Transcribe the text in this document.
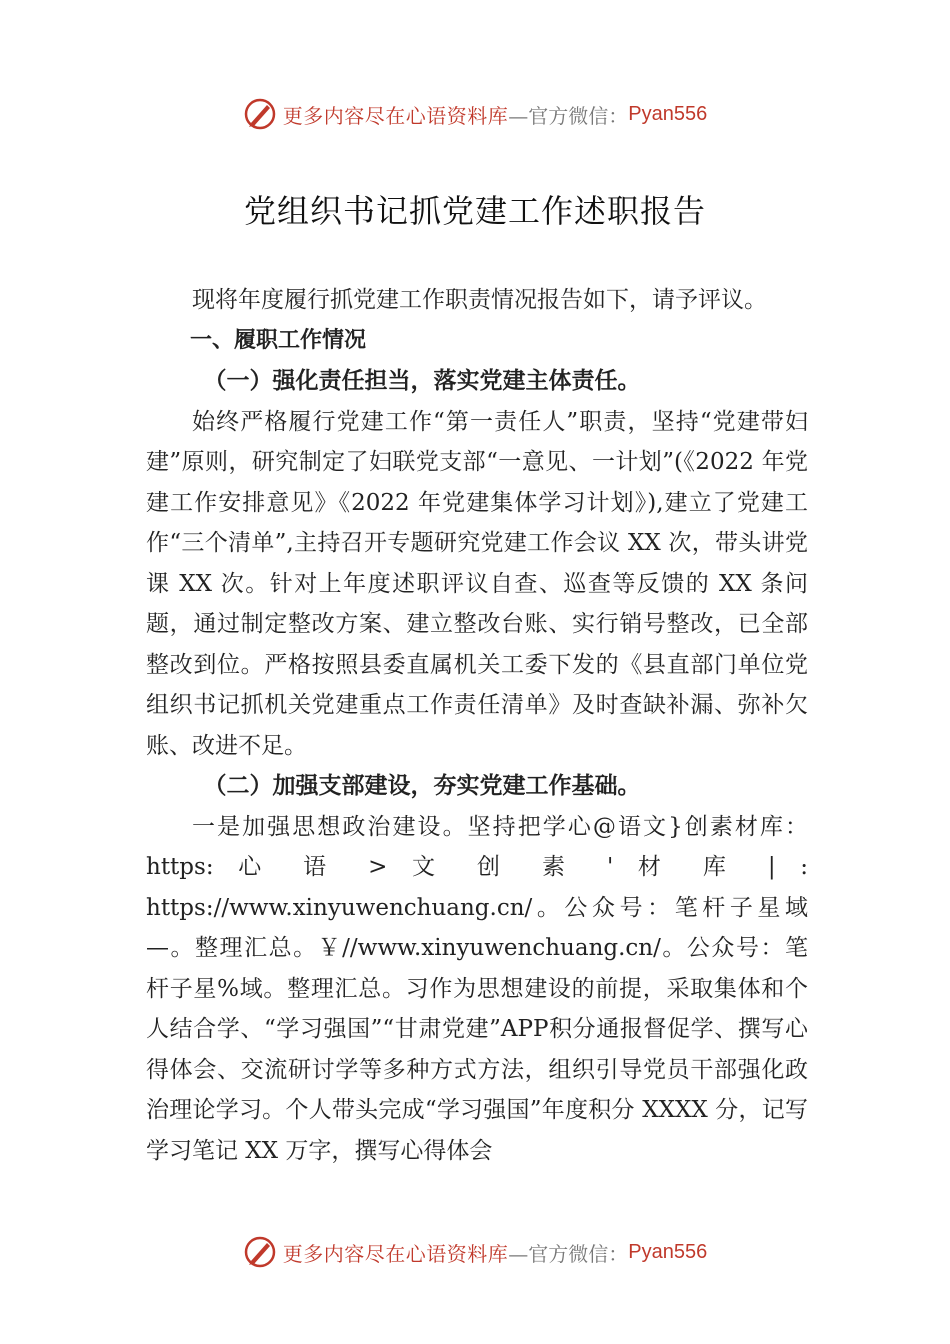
更多内容尽在心语资料库 —官方微信： Pyan556
党组织书记抓党建工作述职报告

现将年度履行抓党建工作职责情况报告如下，请予评议。

一、履职工作情况

（一）强化责任担当，落实党建主体责任。

始终严格履行党建工作“第一责任人”职责，坚持“党建带妇建”原则，研究制定了妇联党支部“一意见、一计划”(《2022 年党建工作安排意见》《2022 年党建集体学习计划》),建立了党建工作“三个清单”,主持召开专题研究党建工作会议 XX 次，带头讲党课 XX 次。针对上年度述职评议自查、巡查等反馈的 XX 条问题，通过制定整改方案、建立整改台账、实行销号整改，已全部整改到位。严格按照县委直属机关工委下发的《县直部门单位党组织书记抓机关党建重点工作责任清单》及时查缺补漏、弥补欠账、改进不足。

（二）加强支部建设，夯实党建工作基础。

一是加强思想政治建设。坚持把学心@语文}创素材库：https: 心 语 > 文 创 素 ' 材 库 | : https://www.xinyuwenchuang.cn/。公众号：笔杆子星域—。整理汇总。￥//www.xinyuwenchuang.cn/。公众号：笔杆子星%域。整理汇总。习作为思想建设的前提，采取集体和个人结合学、“学习强国”“甘肃党建”APP积分通报督促学、撰写心得体会、交流研讨学等多种方式方法，组织引导党员干部强化政治理论学习。个人带头完成“学习强国”年度积分 XXXX 分，记写学习笔记 XX 万字，撰写心得体会

更多内容尽在心语资料库 —官方微信： Pyan556
